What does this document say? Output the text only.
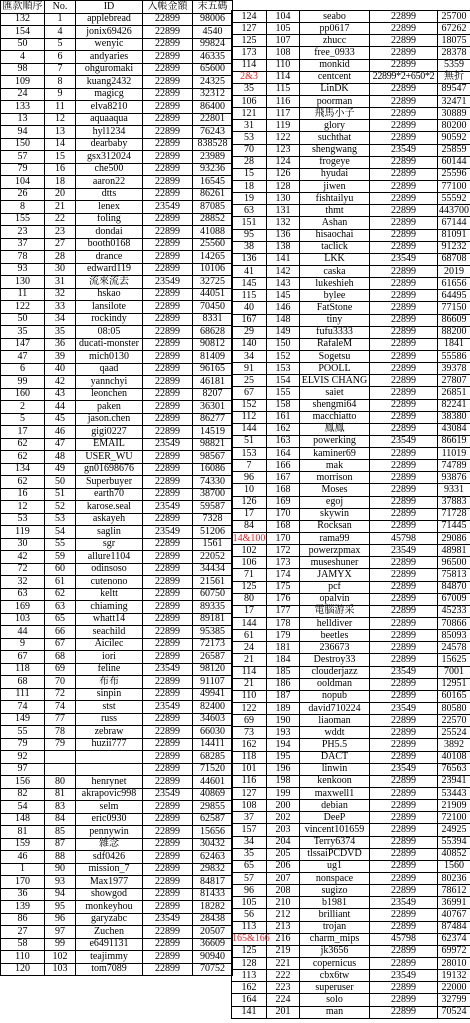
匯款順序	No.	ID	入帳金額	末五碼
132	1	applebread	22899	98006
154	4	jonix69426	22899	4540
50	5	wenyic	22899	99824
4	6	andyaries	22899	46335
98	7	ohguromaki	22899	65600
109	8	kuang2432	22899	24325
24	9	magicg	22899	32312
133	11	elva8210	22899	86400
13	12	aquaaqua	22899	22801
94	13	hyl1234	22899	76243
150	14	dearbaby	22899	838528
57	15	gsx312024	22899	23989
79	16	che500	22899	93236
104	18	aaron22	22899	16545
26	20	dtts	22899	86261
8	21	lenex	23549	87085
155	22	foling	22899	28852
23	23	dondai	22899	41088
37	27	booth0168	22899	25560
78	28	drance	22899	14265
93	30	edward119	22899	10106
130	31	流來流去	23549	32725
11	32	hskao	22899	44051
122	33	lansilote	22899	70450
50	34	rockindy	22899	8331
35	35	08:05	22899	68628
147	36	ducati-monster	22899	90812
47	39	mich0130	22899	81409
6	40	qaad	22899	96165
99	42	yannchyi	22899	46181
160	43	leonchen	22899	8207
2	44	paken	22899	36301
5	45	jason.chen	22899	86277
17	46	gigi0227	22899	14519
62	47	EMAIL	23549	98821
62	48	USER_WU	22899	98567
134	49	gn01698676	22899	16086
62	50	Superbuyer	22899	74330
16	51	earth70	22899	38700
12	52	karose.seal	23549	59587
53	53	askayeh	22899	7328
119	54	saglin	23549	51206
30	55	sgr	22899	1561
42	59	allure1104	22899	22052
72	60	odinsoso	22899	34434
32	61	cutenono	22899	21561
63	62	keltt	22899	60750
169	63	chiaming	22899	89335
103	65	whatt14	22899	89181
44	66	seachild	22899	95385
9	67	Aicilec	22899	72173
67	68	iori	22899	26587
118	69	feline	23549	98120
68	70	布布	22899	91107
111	72	sinpin	22899	49941
74	74	stst	23549	82400
149	77	russ	22899	34603
55	78	zebraw	22899	66030
79	79	huzii777	22899	14411
92			22899	68285
97			22899	71520
156	80	henrynet	22899	44601
82	81	akrapovic998	23549	40869
54	83	selm	22899	29855
148	84	eric0930	22899	62587
81	85	pennywin	22899	15656
159	87	雜念	22899	30432
46	88	sdf0426	22899	62463
1	90	mission_7	22899	29832
170	93	Max1977	22899	84817
36	94	showgod	22899	81433
139	95	monkeyhou	22899	18282
86	96	garyzabc	23549	28438
27	97	Zuchen	22899	20507
58	99	e6491131	22899	36609
110	102	teajimmy	22899	90940
120	103	tom7089	22899	70752
124	104	seabo	22899	25700
127	105	pp0617	22899	67262
125	107	zhucc	22899	18075
173	108	free_0933	22899	28378
114	110	monkid	22899	5359
2&3	114	centcent	22899*2+650*2	無折
35	115	LinDK	22899	89547
106	116	poorman	22899	32471
121	117	飛馬小子	22899	30889
31	119	glory	22899	80200
53	122	suchthat	22899	90592
70	123	shengwang	23549	25859
28	124	frogeye	22899	60144
15	126	hyudai	22899	25596
18	128	jiwen	22899	77100
19	130	fishtailyu	22899	55592
63	131	thmt	22899	443700
151	132	Ashan	22899	67144
95	136	hisaochai	22899	81091
38	138	taclick	22899	91232
136	141	LKK	23549	68708
41	142	caska	22899	2019
145	143	lukeshieh	22899	61656
115	145	bylee	22899	64495
40	146	FatStone	22899	77150
167	148	tiny	22899	86609
29	149	fufu3333	22899	88200
140	150	RafaleM	22899	1841
34	152	Sogetsu	22899	55586
91	153	POOLL	22899	39378
25	154	ELVIS CHANG	22899	27807
67	155	saiet	22899	26851
152	158	shengmi64	22899	82241
112	161	macchiatto	22899	38380
144	162	鳳鳳	22899	43084
51	163	powerking	23549	86619
153	164	kaminer69	22899	11019
7	166	mak	22899	74789
96	167	morrison	22899	93876
10	168	Moses	22899	9331
126	169	egoj	22899	37883
17	170	skywin	22899	71728
84	168	Rocksan	22899	71445
14&100	170	rama99	45798	29086
102	172	powerzpmax	23549	48981
106	173	museshuner	22899	96500
71	174	JAMYX	22899	75813
125	175	pcf	22899	84870
80	176	opalvin	22899	67009
17	177	電腦游采	22899	45233
144	178	helldiver	22899	70866
61	179	beetles	22899	85093
24	181	236673	22899	24578
21	184	Destroy33	22899	15625
114	185	clouderjazz	23549	7001
21	186	ooldman	22899	12951
110	187	nopub	22899	60165
122	189	david710224	23549	80580
69	190	liaoman	22899	22570
73	193	wddt	22899	25524
162	194	PH5.5	22899	3892
118	195	DACT	22899	40108
101	196	linwin	23549	76563
116	198	kenkoon	22899	23941
127	199	maxwell1	22899	53443
108	200	debian	22899	21909
37	202	DeeP	22899	72100
157	203	vincent101659	22899	24925
34	204	Terry6374	22899	55394
35	205	tlssaiPCDVD	22899	40852
65	206	ug1	22899	1560
57	207	nonspace	22899	80236
96	208	sugizo	22899	78612
105	210	b1981	23549	36991
56	212	brilliant	22899	40767
113	213	trojan	22899	87484
165&166	216	charm_mips	45798	62374
125	219	jk3656	22899	69972
128	221	copernicus	22899	28010
113	222	cbx6tw	23549	19132
162	223	superuser	22899	22000
164	224	solo	22899	32799
141	201	man	22899	70524
